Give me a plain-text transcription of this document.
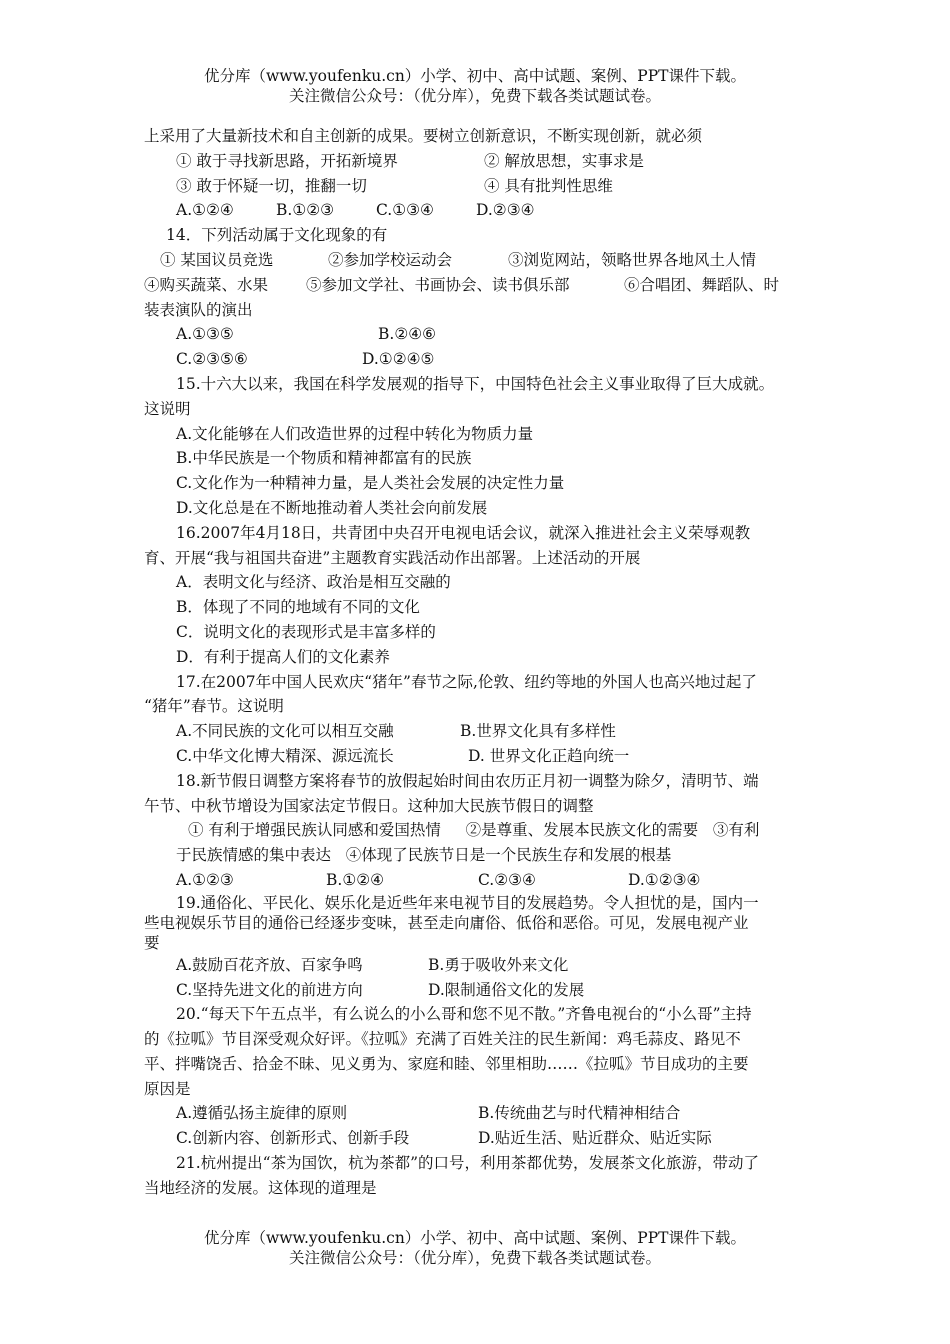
优分库（www.youfenku.cn）小学、初中、高中试题、案例、PPT课件下载。
关注微信公众号：（优分库），免费下载各类试题试卷。
上采用了大量新技术和自主创新的成果。要树立创新意识，不断实现创新，就必须
① 敢于寻找新思路，开拓新境界	② 解放思想，实事求是
③ 敢于怀疑一切，推翻一切	④ 具有批判性思维
A.①②④	B.①②③	C.①③④	D.②③④
14．下列活动属于文化现象的有
① 某国议员竞选	②参加学校运动会	③浏览网站，领略世界各地风土人情
④购买蔬菜、水果	⑤参加文学社、书画协会、读书俱乐部	⑥合唱团、舞蹈队、时
装表演队的演出
A.①③⑤	B.②④⑥
C.②③⑤⑥	D.①②④⑤
15.十六大以来，我国在科学发展观的指导下，中国特色社会主义事业取得了巨大成就。
这说明
A.文化能够在人们改造世界的过程中转化为物质力量
B.中华民族是一个物质和精神都富有的民族
C.文化作为一种精神力量，是人类社会发展的决定性力量
D.文化总是在不断地推动着人类社会向前发展
16.2007年4月18日，共青团中央召开电视电话会议，就深入推进社会主义荣辱观教
育、开展“我与祖国共奋进”主题教育实践活动作出部署。上述活动的开展
A．表明文化与经济、政治是相互交融的
B．体现了不同的地域有不同的文化
C．说明文化的表现形式是丰富多样的
D．有利于提高人们的文化素养
17.在2007年中国人民欢庆“猪年”春节之际,伦敦、纽约等地的外国人也高兴地过起了
“猪年”春节。这说明
A.不同民族的文化可以相互交融	B.世界文化具有多样性
C.中华文化博大精深、源远流长	D. 世界文化正趋向统一
18.新节假日调整方案将春节的放假起始时间由农历正月初一调整为除夕，清明节、端
午节、中秋节增设为国家法定节假日。这种加大民族节假日的调整
① 有利于增强民族认同感和爱国热情     ②是尊重、发展本民族文化的需要   ③有利
于民族情感的集中表达   ④体现了民族节日是一个民族生存和发展的根基
A.①②③	B.①②④	C.②③④	D.①②③④
19.通俗化、平民化、娱乐化是近些年来电视节目的发展趋势。令人担忧的是，国内一
些电视娱乐节目的通俗已经逐步变味，甚至走向庸俗、低俗和恶俗。可见，发展电视产业
要
A.鼓励百花齐放、百家争鸣	B.勇于吸收外来文化
C.坚持先进文化的前进方向	D.限制通俗文化的发展
20.“每天下午五点半，有么说么的小么哥和您不见不散。”齐鲁电视台的“小么哥”主持
的《拉呱》节目深受观众好评。《拉呱》充满了百姓关注的民生新闻：鸡毛蒜皮、路见不
平、拌嘴饶舌、拾金不昧、见义勇为、家庭和睦、邻里相助……《拉呱》节目成功的主要
原因是
A.遵循弘扬主旋律的原则	B.传统曲艺与时代精神相结合
C.创新内容、创新形式、创新手段	D.贴近生活、贴近群众、贴近实际
21.杭州提出“茶为国饮，杭为茶都”的口号，利用茶都优势，发展茶文化旅游，带动了
当地经济的发展。这体现的道理是
优分库（www.youfenku.cn）小学、初中、高中试题、案例、PPT课件下载。
关注微信公众号：（优分库），免费下载各类试题试卷。
